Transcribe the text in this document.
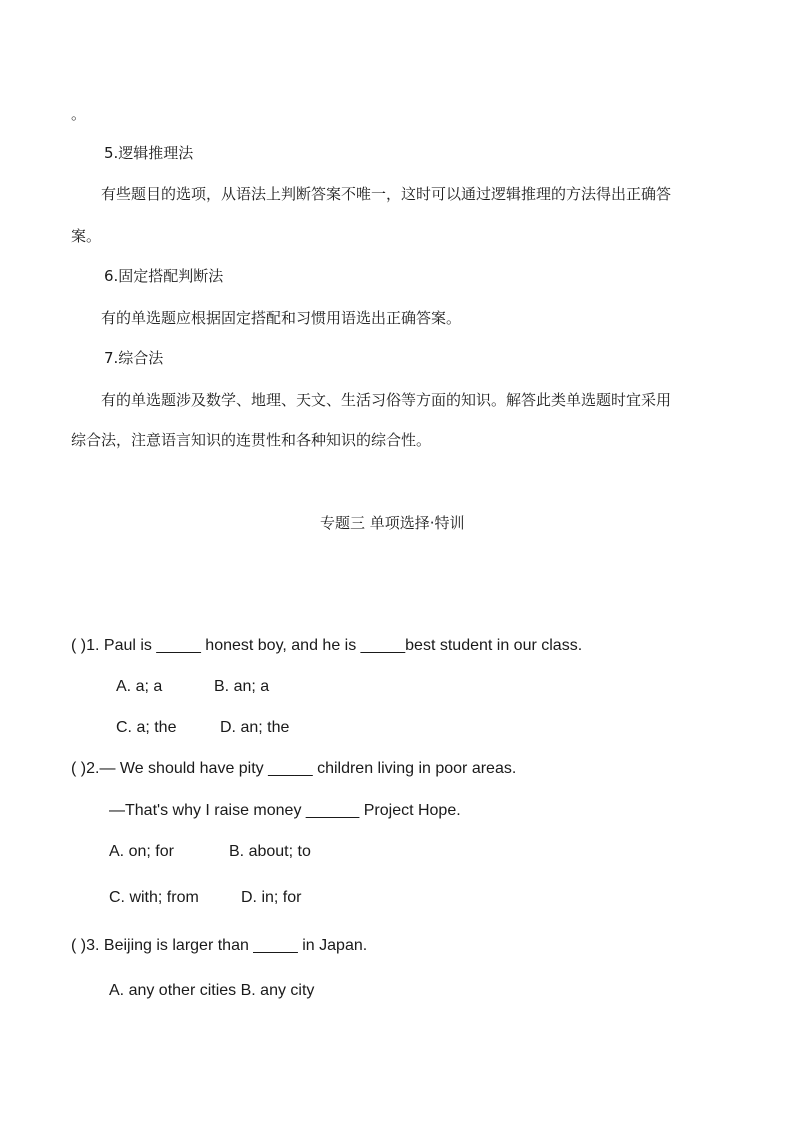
。
5.逻辑推理法
有些题目的选项，从语法上判断答案不唯一，这时可以通过逻辑推理的方法得出正确答
案。
6.固定搭配判断法
有的单选题应根据固定搭配和习惯用语选出正确答案。
7.综合法
有的单选题涉及数学、地理、天文、生活习俗等方面的知识。解答此类单选题时宜采用
综合法，注意语言知识的连贯性和各种知识的综合性。
专题三 单项选择·特训
( )1. Paul is _____ honest boy, and he is _____best student in our class.
A. a; a	B. an; a
C. a; the	D. an; the
( )2.— We should have pity _____ children living in poor areas.
—That's why I raise money ______ Project Hope.
A. on; for	B. about; to
C. with; from	D. in; for
( )3. Beijing is larger than _____ in Japan.
A. any other cities B. any city
